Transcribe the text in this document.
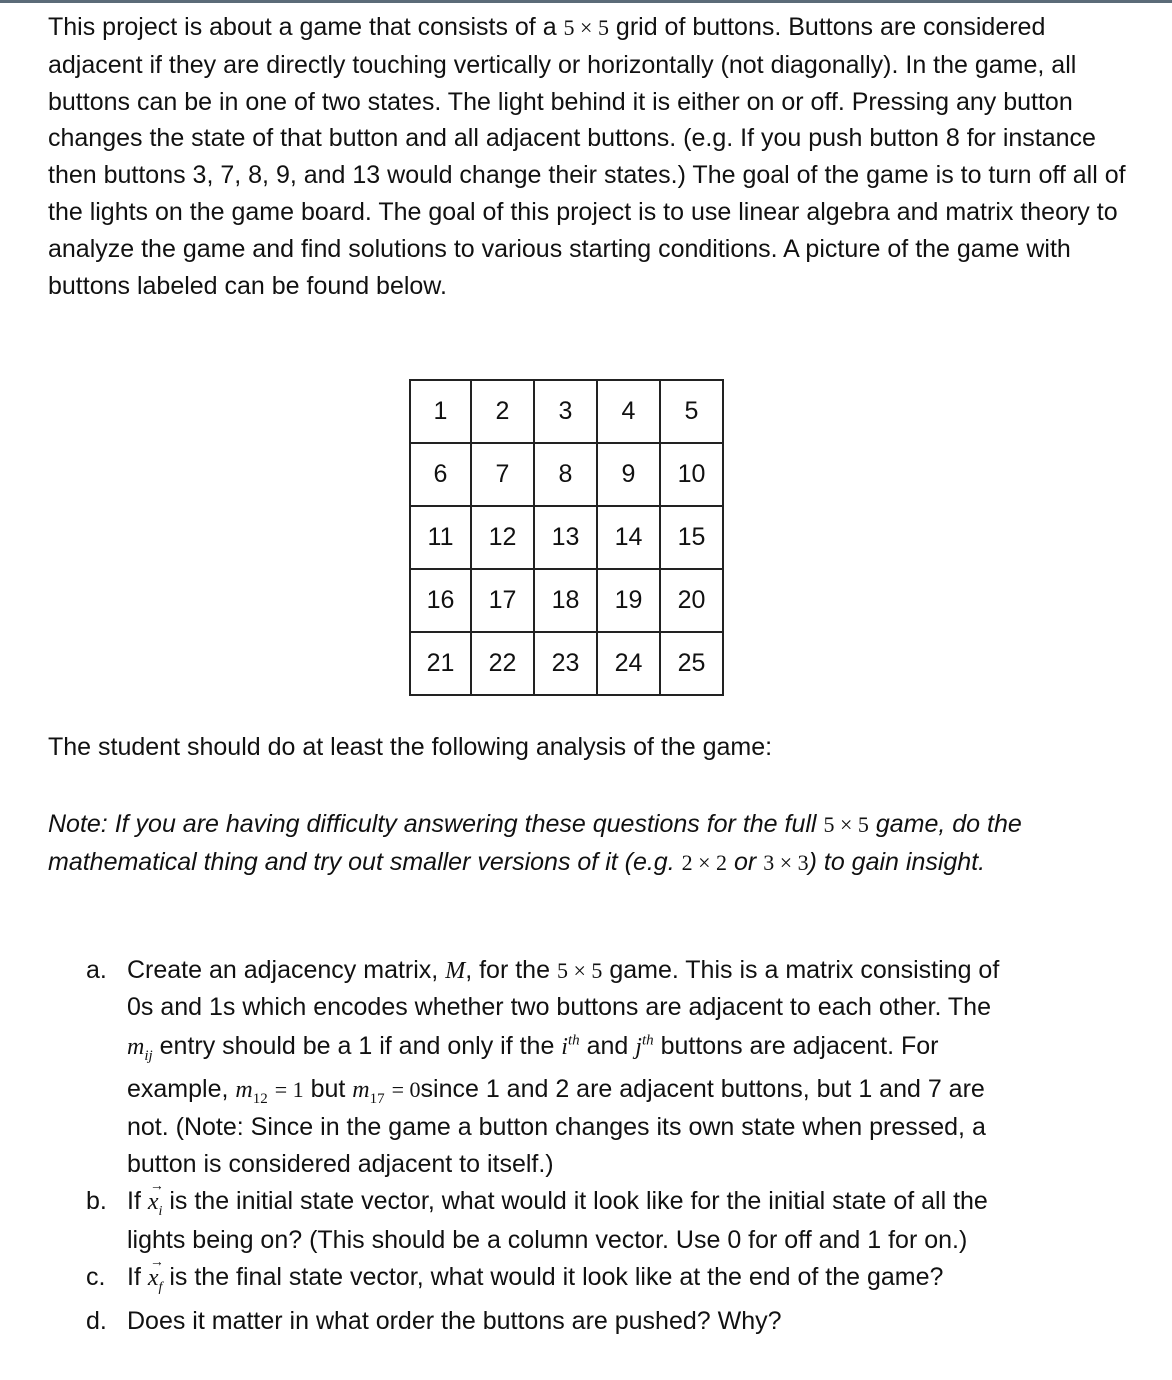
This project is about a game that consists of a 5 × 5 grid of buttons. Buttons are considered adjacent if they are directly touching vertically or horizontally (not diagonally). In the game, all buttons can be in one of two states. The light behind it is either on or off. Pressing any button changes the state of that button and all adjacent buttons. (e.g. If you push button 8 for instance then buttons 3, 7, 8, 9, and 13 would change their states.) The goal of the game is to turn off all of the lights on the game board. The goal of this project is to use linear algebra and matrix theory to analyze the game and find solutions to various starting conditions. A picture of the game with buttons labeled can be found below.

1	2	3	4	5
6	7	8	9	10
11	12	13	14	15
16	17	18	19	20
21	22	23	24	25

The student should do at least the following analysis of the game:

Note: If you are having difficulty answering these questions for the full 5 × 5 game, do the mathematical thing and try out smaller versions of it (e.g. 2 × 2 or 3 × 3) to gain insight.

a. Create an adjacency matrix, M, for the 5 × 5 game. This is a matrix consisting of
0s and 1s which encodes whether two buttons are adjacent to each other. The
$m_{ij}$ entry should be a 1 if and only if the $i^{th}$ and $j^{th}$ buttons are adjacent. For
example, $m_{12} = 1$ but $m_{17}$ = 0since 1 and 2 are adjacent buttons, but 1 and 7 are
not. (Note: Since in the game a button changes its own state when pressed, a
button is considered adjacent to itself.)
b. If
→
$x_i$ is the initial state vector, what would it look like for the initial state of all the
lights being on? (This should be a column vector. Use 0 for off and 1 for on.)
c. If
→
$x_f$ is the final state vector, what would it look like at the end of the game?
d. Does it matter in what order the buttons are pushed? Why?
